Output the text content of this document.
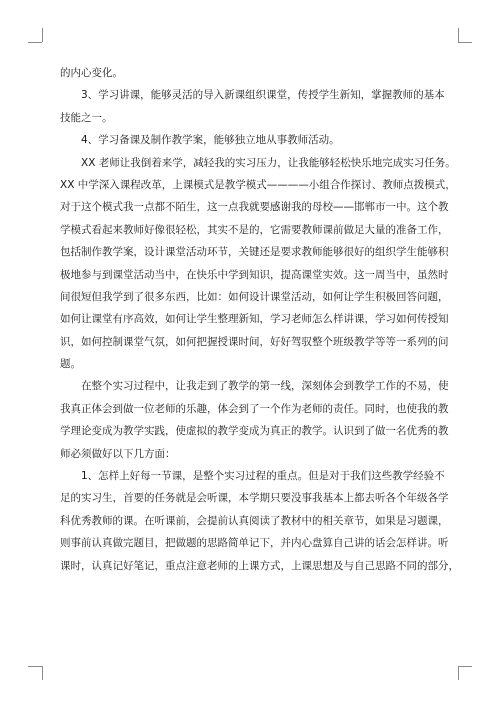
的内心变化。
3、学习讲课，能够灵活的导入新课组织课堂，传授学生新知，掌握教师的基本
技能之一。
4、学习备课及制作教学案，能够独立地从事教师活动。
XX 老师让我倒着来学，减轻我的实习压力，让我能够轻松快乐地完成实习任务。
XX 中学深入课程改革，上课模式是教学模式————小组合作探讨、教师点拨模式，
对于这个模式我一点都不陌生，这一点我就要感谢我的母校——邯郸市一中。这个教
学模式看起来教师好像很轻松，其实不是的，它需要教师课前做足大量的准备工作，
包括制作教学案，设计课堂活动环节，关键还是要求教师能够很好的组织学生能够积
极地参与到课堂活动当中，在快乐中学到知识，提高课堂实效。这一周当中，虽然时
间很短但我学到了很多东西，比如：如何设计课堂活动，如何让学生积极回答问题，
如何让课堂有序高效，如何让学生整理新知，学习老师怎么样讲课，学习如何传授知
识，如何控制课堂气氛，如何把握授课时间，好好驾驭整个班级教学等等一系列的问
题。
在整个实习过程中，让我走到了教学的第一线，深刻体会到教学工作的不易，使
我真正体会到做一位老师的乐趣，体会到了一个作为老师的责任。同时，也使我的教
学理论变成为教学实践，使虚拟的教学变成为真正的教学。认识到了做一名优秀的教
师必须做好以下几方面：
1、怎样上好每一节课，是整个实习过程的重点。但是对于我们这些教学经验不
足的实习生，首要的任务就是会听课，本学期只要没事我基本上都去听各个年级各学
科优秀教师的课。在听课前，会提前认真阅读了教材中的相关章节，如果是习题课，
则事前认真做完题目，把做题的思路简单记下，并内心盘算自己讲的话会怎样讲。听
课时，认真记好笔记，重点注意老师的上课方式，上课思想及与自己思路不同的部分，
